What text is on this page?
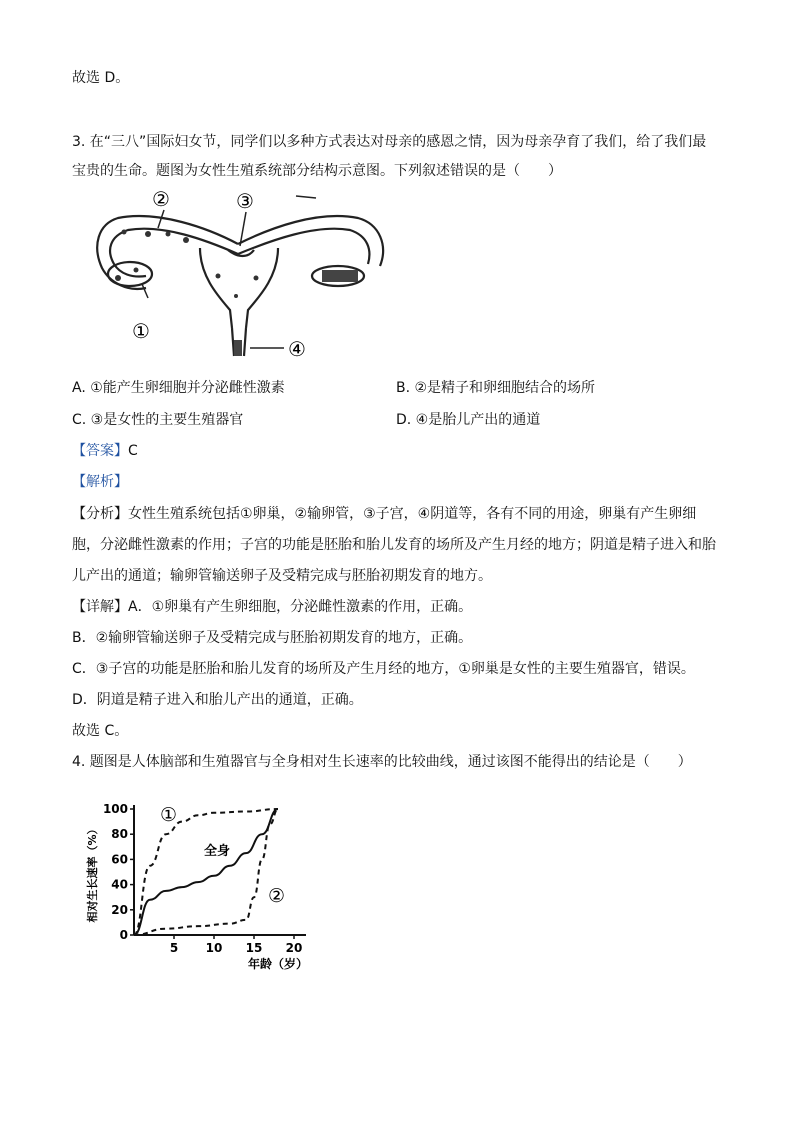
故选 D。
3. 在“三八”国际妇女节，同学们以多种方式表达对母亲的感恩之情，因为母亲孕育了我们，给了我们最
宝贵的生命。题图为女性生殖系统部分结构示意图。下列叙述错误的是（　　）
②	③
①
④
A. ①能产生卵细胞并分泌雌性激素	B. ②是精子和卵细胞结合的场所
C. ③是女性的主要生殖器官	D. ④是胎儿产出的通道
【答案】C
【解析】
【分析】女性生殖系统包括①卵巢，②输卵管，③子宫，④阴道等，各有不同的用途，卵巢有产生卵细
胞，分泌雌性激素的作用；子宫的功能是胚胎和胎儿发育的场所及产生月经的地方；阴道是精子进入和胎
儿产出的通道；输卵管输送卵子及受精完成与胚胎初期发育的地方。
【详解】A．①卵巢有产生卵细胞，分泌雌性激素的作用，正确。
B．②输卵管输送卵子及受精完成与胚胎初期发育的地方，正确。
C．③子宫的功能是胚胎和胎儿发育的场所及产生月经的地方，①卵巢是女性的主要生殖器官，错误。
D．阴道是精子进入和胎儿产出的通道，正确。
故选 C。
4. 题图是人体脑部和生殖器官与全身相对生长速率的比较曲线，通过该图不能得出的结论是（　　）
0
20
40
60
80
100
5 10 15 20
相对生长速率（%）
年龄（岁）
全身
①
②
